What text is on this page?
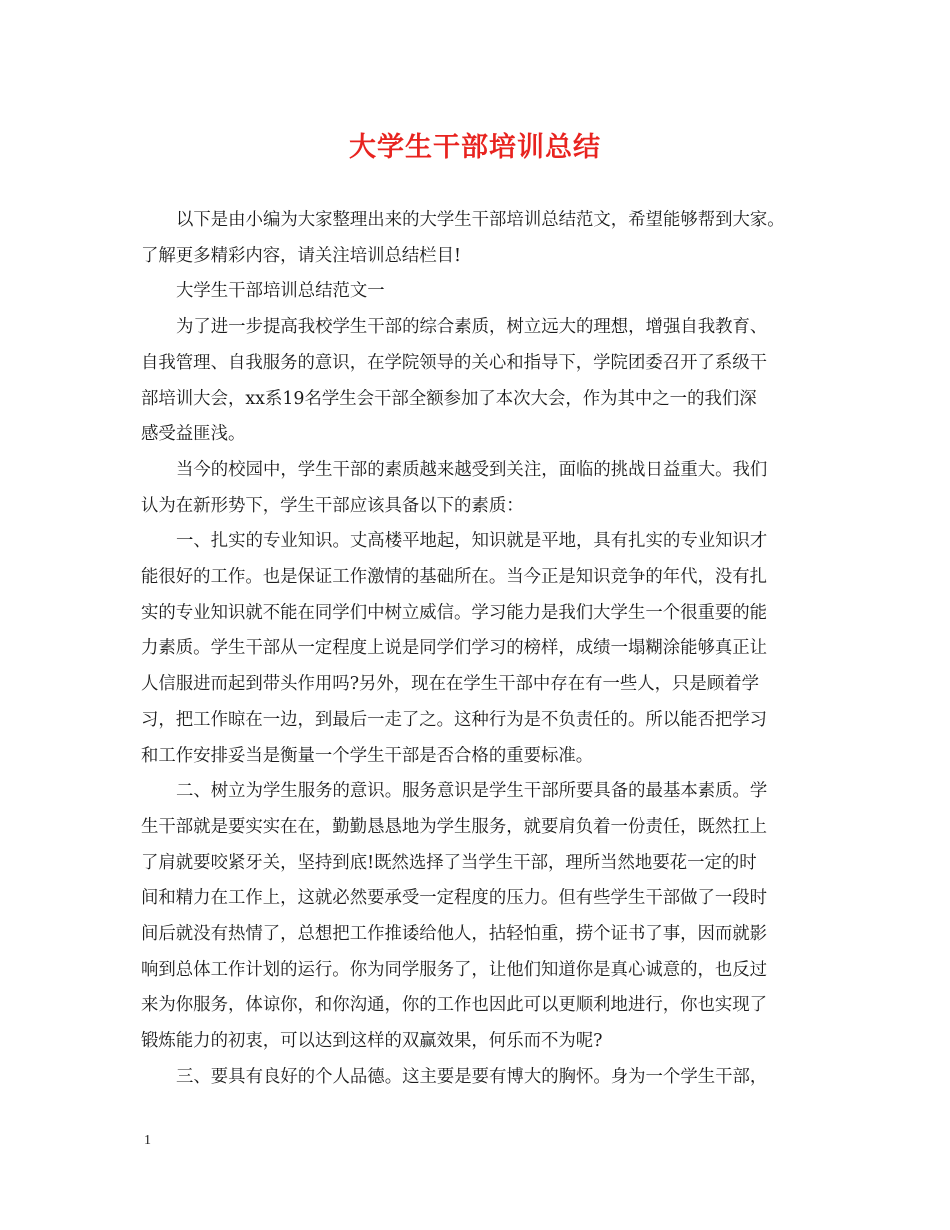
大学生干部培训总结

以下是由小编为大家整理出来的大学生干部培训总结范文，希望能够帮到大家。

了解更多精彩内容，请关注培训总结栏目!

大学生干部培训总结范文一

为了进一步提高我校学生干部的综合素质，树立远大的理想，增强自我教育、

自我管理、自我服务的意识，在学院领导的关心和指导下，学院团委召开了系级干

部培训大会，xx系19名学生会干部全额参加了本次大会，作为其中之一的我们深

感受益匪浅。

当今的校园中，学生干部的素质越来越受到关注，面临的挑战日益重大。我们

认为在新形势下，学生干部应该具备以下的素质：

一、扎实的专业知识。丈高楼平地起，知识就是平地，具有扎实的专业知识才

能很好的工作。也是保证工作激情的基础所在。当今正是知识竞争的年代，没有扎

实的专业知识就不能在同学们中树立威信。学习能力是我们大学生一个很重要的能

力素质。学生干部从一定程度上说是同学们学习的榜样，成绩一塌糊涂能够真正让

人信服进而起到带头作用吗?另外，现在在学生干部中存在有一些人，只是顾着学

习，把工作晾在一边，到最后一走了之。这种行为是不负责任的。所以能否把学习

和工作安排妥当是衡量一个学生干部是否合格的重要标准。

二、树立为学生服务的意识。服务意识是学生干部所要具备的最基本素质。学

生干部就是要实实在在，勤勤恳恳地为学生服务，就要肩负着一份责任，既然扛上

了肩就要咬紧牙关，坚持到底!既然选择了当学生干部，理所当然地要花一定的时

间和精力在工作上，这就必然要承受一定程度的压力。但有些学生干部做了一段时

间后就没有热情了，总想把工作推诿给他人，拈轻怕重，捞个证书了事，因而就影

响到总体工作计划的运行。你为同学服务了，让他们知道你是真心诚意的，也反过

来为你服务，体谅你，和你沟通，你的工作也因此可以更顺利地进行，你也实现了

锻炼能力的初衷，可以达到这样的双赢效果，何乐而不为呢?

三、要具有良好的个人品德。这主要是要有博大的胸怀。身为一个学生干部，

1
